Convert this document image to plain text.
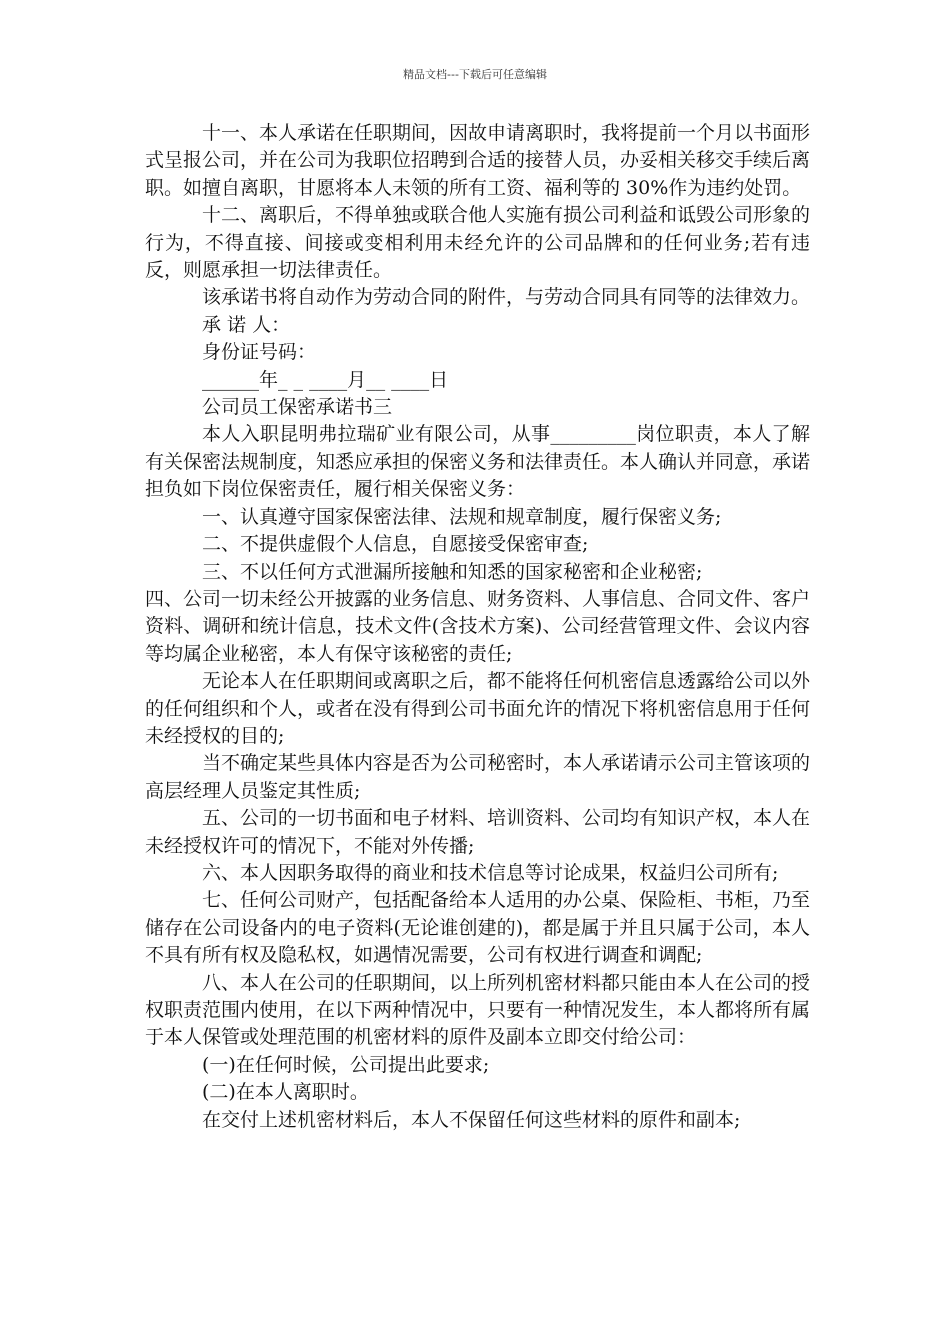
精品文档---下载后可任意编辑

十一、本人承诺在任职期间，因故申请离职时，我将提前一个月以书面形式呈报公司，并在公司为我职位招聘到合适的接替人员，办妥相关移交手续后离职。如擅自离职，甘愿将本人未领的所有工资、福利等的 30%作为违约处罚。

十二、离职后，不得单独或联合他人实施有损公司利益和诋毁公司形象的行为，不得直接、间接或变相利用未经允许的公司品牌和的任何业务;若有违反，则愿承担一切法律责任。

该承诺书将自动作为劳动合同的附件，与劳动合同具有同等的法律效力。

承 诺 人：

身份证号码：

______年_ _ ____月__ ____日

公司员工保密承诺书三

本人入职昆明弗拉瑞矿业有限公司，从事_________岗位职责，本人了解有关保密法规制度，知悉应承担的保密义务和法律责任。本人确认并同意，承诺担负如下岗位保密责任，履行相关保密义务：

一、认真遵守国家保密法律、法规和规章制度，履行保密义务;

二、不提供虚假个人信息，自愿接受保密审查;

三、不以任何方式泄漏所接触和知悉的国家秘密和企业秘密;

四、公司一切未经公开披露的业务信息、财务资料、人事信息、合同文件、客户资料、调研和统计信息，技术文件(含技术方案)、公司经营管理文件、会议内容等均属企业秘密，本人有保守该秘密的责任;

无论本人在任职期间或离职之后，都不能将任何机密信息透露给公司以外的任何组织和个人，或者在没有得到公司书面允许的情况下将机密信息用于任何未经授权的目的;

当不确定某些具体内容是否为公司秘密时，本人承诺请示公司主管该项的高层经理人员鉴定其性质;

五、公司的一切书面和电子材料、培训资料、公司均有知识产权，本人在未经授权许可的情况下，不能对外传播;

六、本人因职务取得的商业和技术信息等讨论成果，权益归公司所有;

七、任何公司财产，包括配备给本人适用的办公桌、保险柜、书柜，乃至储存在公司设备内的电子资料(无论谁创建的)，都是属于并且只属于公司，本人不具有所有权及隐私权，如遇情况需要，公司有权进行调查和调配;

八、本人在公司的任职期间，以上所列机密材料都只能由本人在公司的授权职责范围内使用，在以下两种情况中，只要有一种情况发生，本人都将所有属于本人保管或处理范围的机密材料的原件及副本立即交付给公司：

(一)在任何时候，公司提出此要求;

(二)在本人离职时。

在交付上述机密材料后，本人不保留任何这些材料的原件和副本;
